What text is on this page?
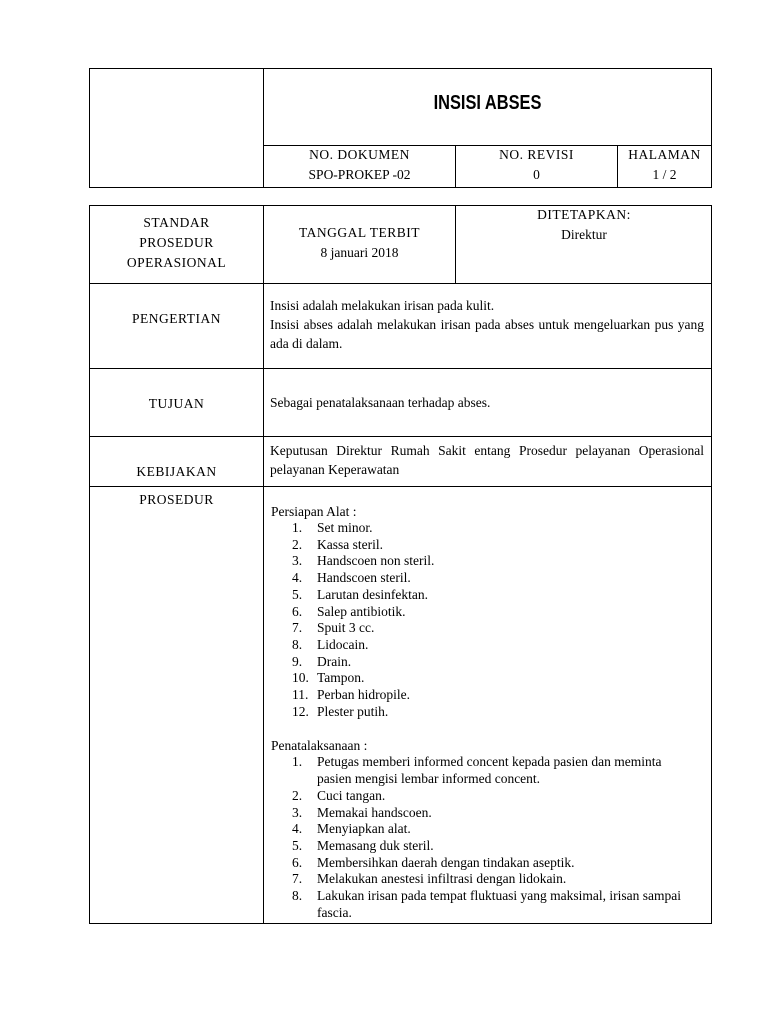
INSISI ABSES
NO. DOKUMEN
SPO-PROKEP -02
NO. REVISI
0
HALAMAN
1 / 2
STANDAR
PROSEDUR
OPERASIONAL
TANGGAL TERBIT
8 januari 2018
DITETAPKAN:
Direktur
PENGERTIAN
Insisi adalah melakukan irisan pada kulit.
Insisi abses adalah melakukan irisan pada abses untuk mengeluarkan pus yang ada di dalam.
TUJUAN	Sebagai penatalaksanaan terhadap abses.
KEBIJAKAN
Keputusan Direktur Rumah Sakit entang Prosedur pelayanan Operasional pelayanan Keperawatan
PROSEDUR
Persiapan Alat :
1. Set minor.
2. Kassa steril.
3. Handscoen non steril.
4. Handscoen steril.
5. Larutan desinfektan.
6. Salep antibiotik.
7. Spuit 3 cc.
8. Lidocain.
9. Drain.
10. Tampon.
11. Perban hidropile.
12. Plester putih.
Penatalaksanaan :
1. Petugas memberi informed concent kepada pasien dan meminta pasien mengisi lembar informed concent.
2. Cuci tangan.
3. Memakai handscoen.
4. Menyiapkan alat.
5. Memasang duk steril.
6. Membersihkan daerah dengan tindakan aseptik.
7. Melakukan anestesi infiltrasi dengan lidokain.
8. Lakukan irisan pada tempat fluktuasi yang maksimal, irisan sampai fascia.
